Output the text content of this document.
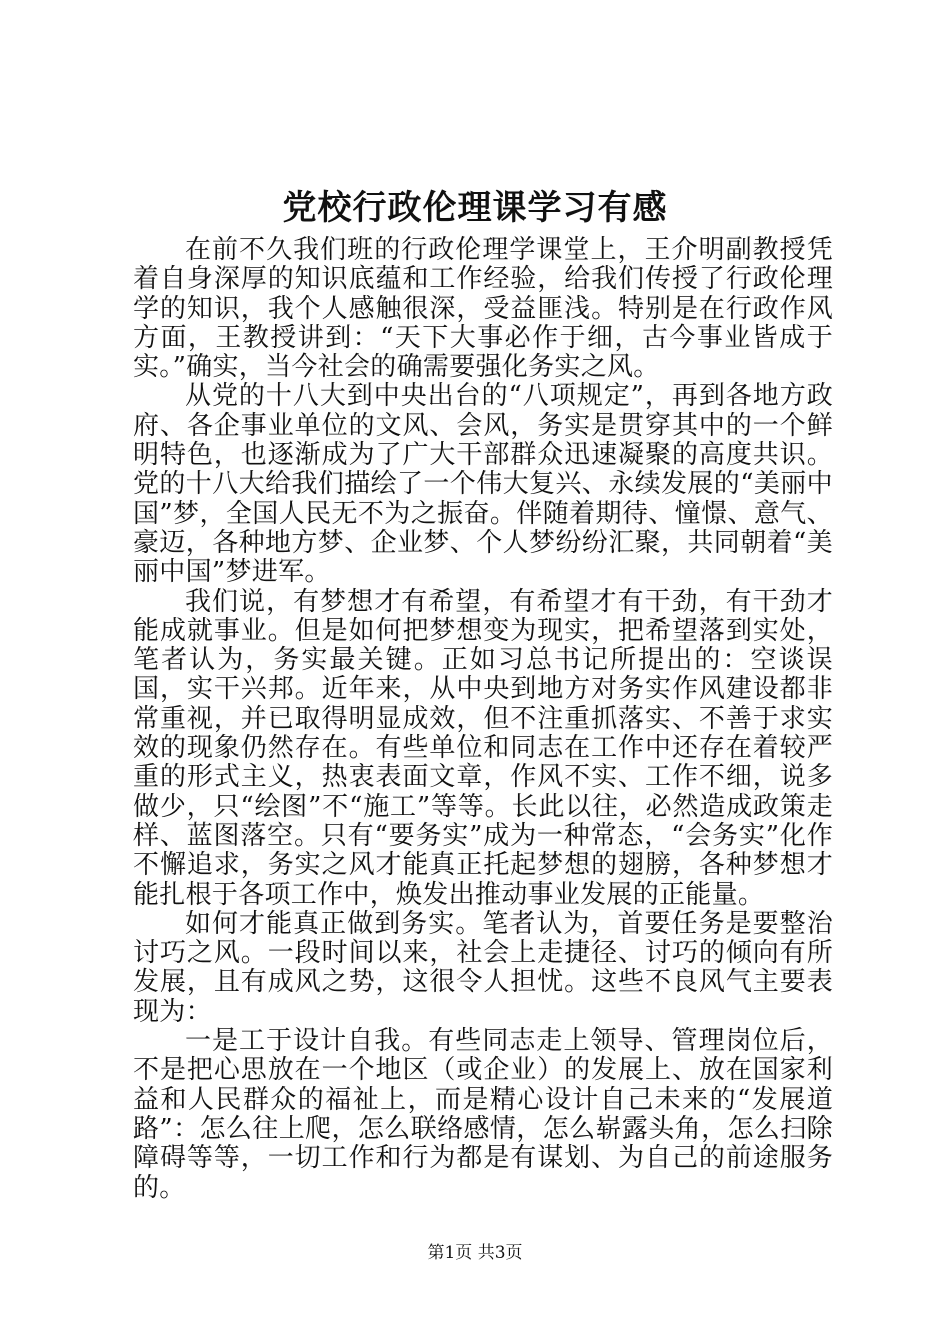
党校行政伦理课学习有感

在前不久我们班的行政伦理学课堂上，王介明副教授凭着自身深厚的知识底蕴和工作经验，给我们传授了行政伦理学的知识，我个人感触很深，受益匪浅。特别是在行政作风方面，王教授讲到：“天下大事必作于细，古今事业皆成于实。”确实，当今社会的确需要强化务实之风。

从党的十八大到中央出台的“八项规定”，再到各地方政府、各企事业单位的文风、会风，务实是贯穿其中的一个鲜明特色，也逐渐成为了广大干部群众迅速凝聚的高度共识。党的十八大给我们描绘了一个伟大复兴、永续发展的“美丽中国”梦，全国人民无不为之振奋。伴随着期待、憧憬、意气、豪迈，各种地方梦、企业梦、个人梦纷纷汇聚，共同朝着“美丽中国”梦进军。

我们说，有梦想才有希望，有希望才有干劲，有干劲才能成就事业。但是如何把梦想变为现实，把希望落到实处，笔者认为，务实最关键。正如习总书记所提出的：空谈误国，实干兴邦。近年来，从中央到地方对务实作风建设都非常重视，并已取得明显成效，但不注重抓落实、不善于求实效的现象仍然存在。有些单位和同志在工作中还存在着较严重的形式主义，热衷表面文章，作风不实、工作不细，说多做少，只“绘图”不“施工”等等。长此以往，必然造成政策走样、蓝图落空。只有“要务实”成为一种常态，“会务实”化作不懈追求，务实之风才能真正托起梦想的翅膀，各种梦想才能扎根于各项工作中，焕发出推动事业发展的正能量。

如何才能真正做到务实。笔者认为，首要任务是要整治讨巧之风。一段时间以来，社会上走捷径、讨巧的倾向有所发展，且有成风之势，这很令人担忧。这些不良风气主要表现为：

一是工于设计自我。有些同志走上领导、管理岗位后，不是把心思放在一个地区（或企业）的发展上、放在国家利益和人民群众的福祉上，而是精心设计自己未来的“发展道路”：怎么往上爬，怎么联络感情，怎么崭露头角，怎么扫除障碍等等，一切工作和行为都是有谋划、为自己的前途服务的。

第1页 共3页
